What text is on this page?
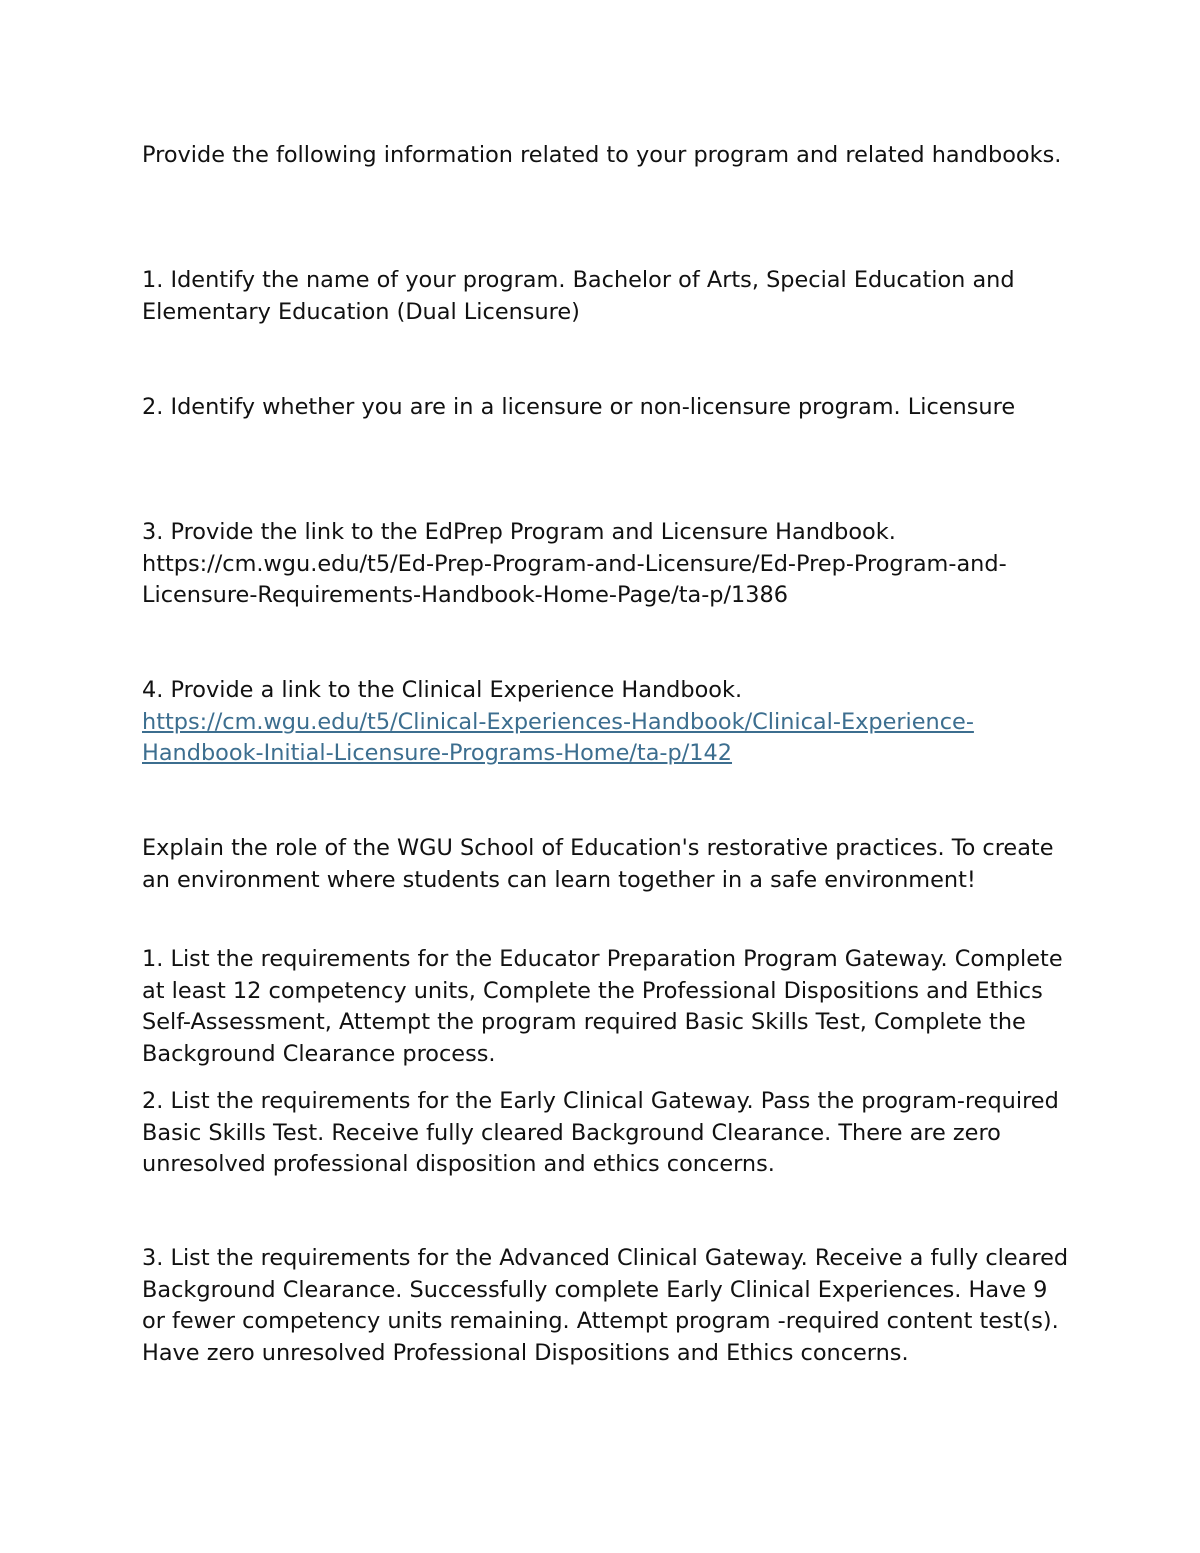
Provide the following information related to your program and related handbooks.

1. Identify the name of your program. Bachelor of Arts, Special Education and Elementary Education (Dual Licensure)

2. Identify whether you are in a licensure or non-licensure program. Licensure

3. Provide the link to the EdPrep Program and Licensure Handbook. https://cm.wgu.edu/t5/Ed-Prep-Program-and-Licensure/Ed-Prep-Program-and-Licensure-Requirements-Handbook-Home-Page/ta-p/1386
4. Provide a link to the Clinical Experience Handbook. https://cm.wgu.edu/t5/Clinical-Experiences-Handbook/Clinical-Experience-Handbook-Initial-Licensure-Programs-Home/ta-p/142

Explain the role of the WGU School of Education's restorative practices. To create an environment where students can learn together in a safe environment!

1. List the requirements for the Educator Preparation Program Gateway. Complete at least 12 competency units, Complete the Professional Dispositions and Ethics Self-Assessment, Attempt the program required Basic Skills Test, Complete the Background Clearance process.

2. List the requirements for the Early Clinical Gateway. Pass the program-required Basic Skills Test. Receive fully cleared Background Clearance. There are zero unresolved professional disposition and ethics concerns.

3. List the requirements for the Advanced Clinical Gateway. Receive a fully cleared Background Clearance. Successfully complete Early Clinical Experiences. Have 9 or fewer competency units remaining. Attempt program -required content test(s). Have zero unresolved Professional Dispositions and Ethics concerns.
